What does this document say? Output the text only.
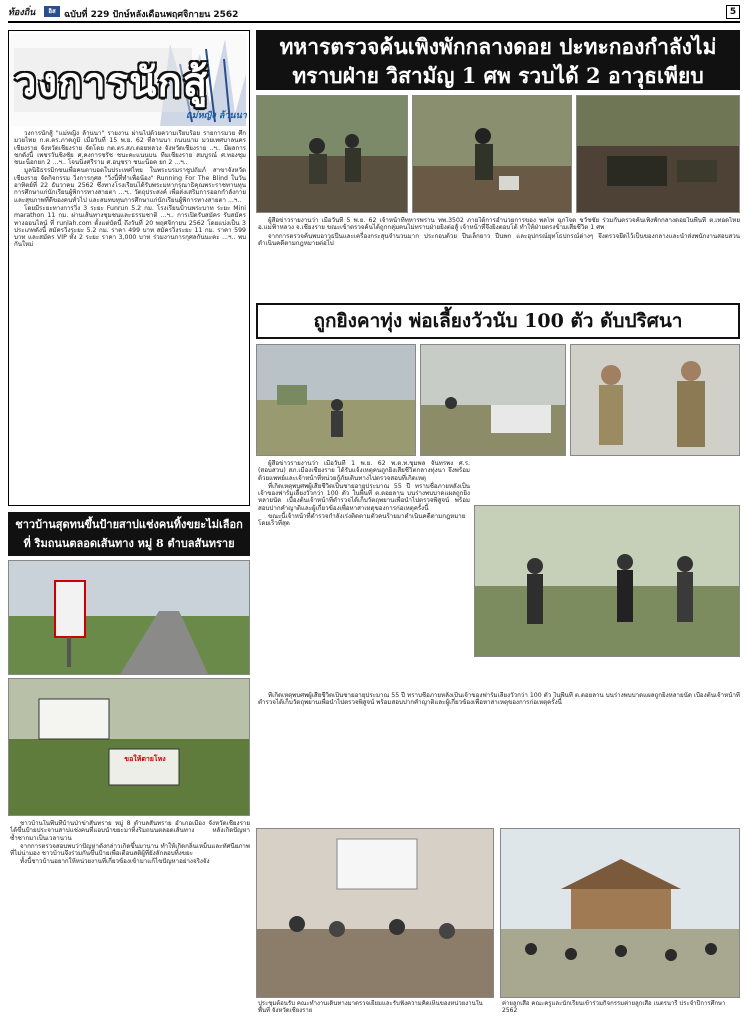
ท้องถิ่น	อิส ฉบับที่ 229 ปักษ์หลังเดือนพฤศจิกายน 2562	5
วงการนักสู้
แม่หญิง ล้านนา

วงการนักสู้ "แม่หญิง ล้านนา" รายงาน ผ่านไปด้วยความเรียบร้อย รายการมวย ศึก มวยไทย ก.ต.ตร.ภาคภูมิ เมื่อวันที่ 15 พ.ย. 62 ที่ลานนา ถนนนาม มวยเทศบาลนครเชียงราย จังหวัดเชียงราย จัดโดย กต.ตร.สภ.ดอยหลวง จังหวัดเชียงราย ..ฯ.. มีผลการชกดังนี้ เพชรวันชิงชัย ศ.คงการชรัช ชนะคะแนนบน ทีมเชียงราย สมบูรณ์ ศ.ทองชุม ชนะน็อกยก 2 ...ฯ.. โจนนิ่งศรีราม ศ.อนุชรา ชนะน็อค ยก 2 ...ฯ..

มูลนิธิธรรมิกชนเพื่อคนตาบอดในประเทศไทย ในพระบรมราชูปถัมภ์ สาขาจังหวัดเชียงราย จัดกิจกรรม วิ่งการกุศล "วิ่งนี้ที่ทำเพื่อน้อง" Running For The Blind ในวันอาทิตย์ที่ 22 ธันวาคม 2562 ซึ่งทางโรงเรียนได้รับพระมหากรุณาธิคุณพระราชทานทุนการศึกษาแก่นักเรียนผู้พิการทางสายตา ...ฯ.. วัตถุประสงค์ เพื่อส่งเสริมการออกกำลังกายและสุขภาพที่ดีของคนทั่วไป และสมทบทุนการศึกษาแก่นักเรียนผู้พิการทางสายตา ...ฯ..

โดยมีระยะทางการวิ่ง 3 ระยะ Funrun 5.2 กม. โรงเรียนบ้านพระบาท ระยะ Mini marathon 11 กม. ผ่านเส้นทางชุมชนและธรรมชาติ ...ฯ.. การเปิดรับสมัคร รับสมัครทางออนไลน์ ที่ runlah.com ตั้งแต่บัดนี้ ถึงวันที่ 20 พฤศจิกายน 2562 โดยแบ่งเป็น 3 ประเภทดังนี้ สมัครวิ่งระยะ 5.2 กม. ราคา 499 บาท สมัครวิ่งระยะ 11 กม. ราคา 599 บาท และสมัคร VIP ทั้ง 2 ระยะ ราคา 3,000 บาท ร่วมงานการกุศลกันนะคะ ...ฯ.. พบกันใหม่

ทหารตรวจค้นเพิงพักกลางดอย ปะทะกองกำลังไม่ทราบฝ่าย วิสามัญ 1 ศพ รวบได้ 2 อาวุธเพียบ

ผู้สื่อข่าวรายงานว่า เมื่อวันที่ 5 พ.ย. 62 เจ้าหน้าที่ทหารพราน ทพ.3502 ภายใต้การอำนวยการของ พลโท ฉุกใจด ชวัชชัย ร่วมกันตรวจค้นเพิงพักกลางดอยในพื้นที่ ต.เทอดไทย อ.แม่ฟ้าหลวง จ.เชียงราย ขณะเข้าตรวจค้นได้ถูกกลุ่มคนไม่ทราบฝ่ายยิงต่อสู้ เจ้าหน้าที่จึงยิงตอบโต้ ทำให้ฝ่ายตรงข้ามเสียชีวิต 1 ศพ

จากการตรวจค้นพบอาวุธปืนและเครื่องกระสุนจำนวนมาก ประกอบด้วย ปืนเล็กยาว ปืนพก และอุปกรณ์ยุทโธปกรณ์ต่างๆ จึงตรวจยึดไว้เป็นของกลางและนำส่งพนักงานสอบสวนดำเนินคดีตามกฎหมายต่อไป

ถูกยิงคาทุ่ง พ่อเลี้ยงวัวนับ 100 ตัว ดับปริศนา

ผู้สื่อข่าวรายงานว่า เมื่อวันที่ 1 พ.ย. 62 พ.ต.ท.ชุมพล จันทรพง ศ.ร.(สอบสวน) สภ.เมืองเชียงราย ได้รับแจ้งเหตุคนถูกยิงเสียชีวิตกลางทุ่งนา จึงพร้อมด้วยแพทย์และเจ้าหน้าที่หน่วยกู้ภัยเดินทางไปตรวจสอบที่เกิดเหตุ

ที่เกิดเหตุพบศพผู้เสียชีวิตเป็นชายอายุประมาณ 55 ปี ทราบชื่อภายหลังเป็นเจ้าของฟาร์มเลี้ยงวัวกว่า 100 ตัว ในพื้นที่ ต.ดอยลาน บนร่างพบบาดแผลถูกยิงหลายนัด เบื้องต้นเจ้าหน้าที่ตำรวจได้เก็บวัตถุพยานเพื่อนำไปตรวจพิสูจน์ พร้อมสอบปากคำญาติและผู้เกี่ยวข้องเพื่อหาสาเหตุของการก่อเหตุครั้งนี้

ขณะนี้เจ้าหน้าที่ตำรวจกำลังเร่งติดตามตัวคนร้ายมาดำเนินคดีตามกฎหมายโดยเร็วที่สุด

ที่เกิดเหตุพบศพผู้เสียชีวิตเป็นชายอายุประมาณ 55 ปี ทราบชื่อภายหลังเป็นเจ้าของฟาร์มเลี้ยงวัวกว่า 100 ตัว ในพื้นที่ ต.ดอยลาน บนร่างพบบาดแผลถูกยิงหลายนัด เบื้องต้นเจ้าหน้าที่ตำรวจได้เก็บวัตถุพยานเพื่อนำไปตรวจพิสูจน์ พร้อมสอบปากคำญาติและผู้เกี่ยวข้องเพื่อหาสาเหตุของการก่อเหตุครั้งนี้

ชาวบ้านสุดทนขึ้นป้ายสาปแช่งคนทิ้งขยะไม่เลือกที่ ริมถนนตลอดเส้นทาง หมู่ 8 ตำบลสันทราย
ขอให้ตายโหง

ชาวบ้านในพื้นที่บ้านป่าข่าสันทราย หมู่ 8 ตำบลสันทราย อำเภอเมือง จังหวัดเชียงราย ได้ขึ้นป้ายประจานสาปแช่งคนที่แอบนำขยะมาทิ้งริมถนนตลอดเส้นทาง หลังเกิดปัญหาซ้ำซากมาเป็นเวลานาน

จากการตรวจสอบพบว่าปัญหาดังกล่าวเกิดขึ้นมานาน ทำให้เกิดกลิ่นเหม็นและทัศนียภาพที่ไม่น่ามอง ชาวบ้านจึงร่วมกันขึ้นป้ายเพื่อเตือนสติผู้ที่ยังลักลอบทิ้งขยะ

ทั้งนี้ชาวบ้านอยากให้หน่วยงานที่เกี่ยวข้องเข้ามาแก้ไขปัญหาอย่างจริงจัง

ประชุมต้อนรับ คณะทำงานเดินทางมาตรวจเยี่ยมและรับฟังความคิดเห็นของหน่วยงานในพื้นที่ จังหวัดเชียงราย
ค่ายลูกเสือ คณะครูและนักเรียนเข้าร่วมกิจกรรมค่ายลูกเสือ เนตรนารี ประจำปีการศึกษา 2562
